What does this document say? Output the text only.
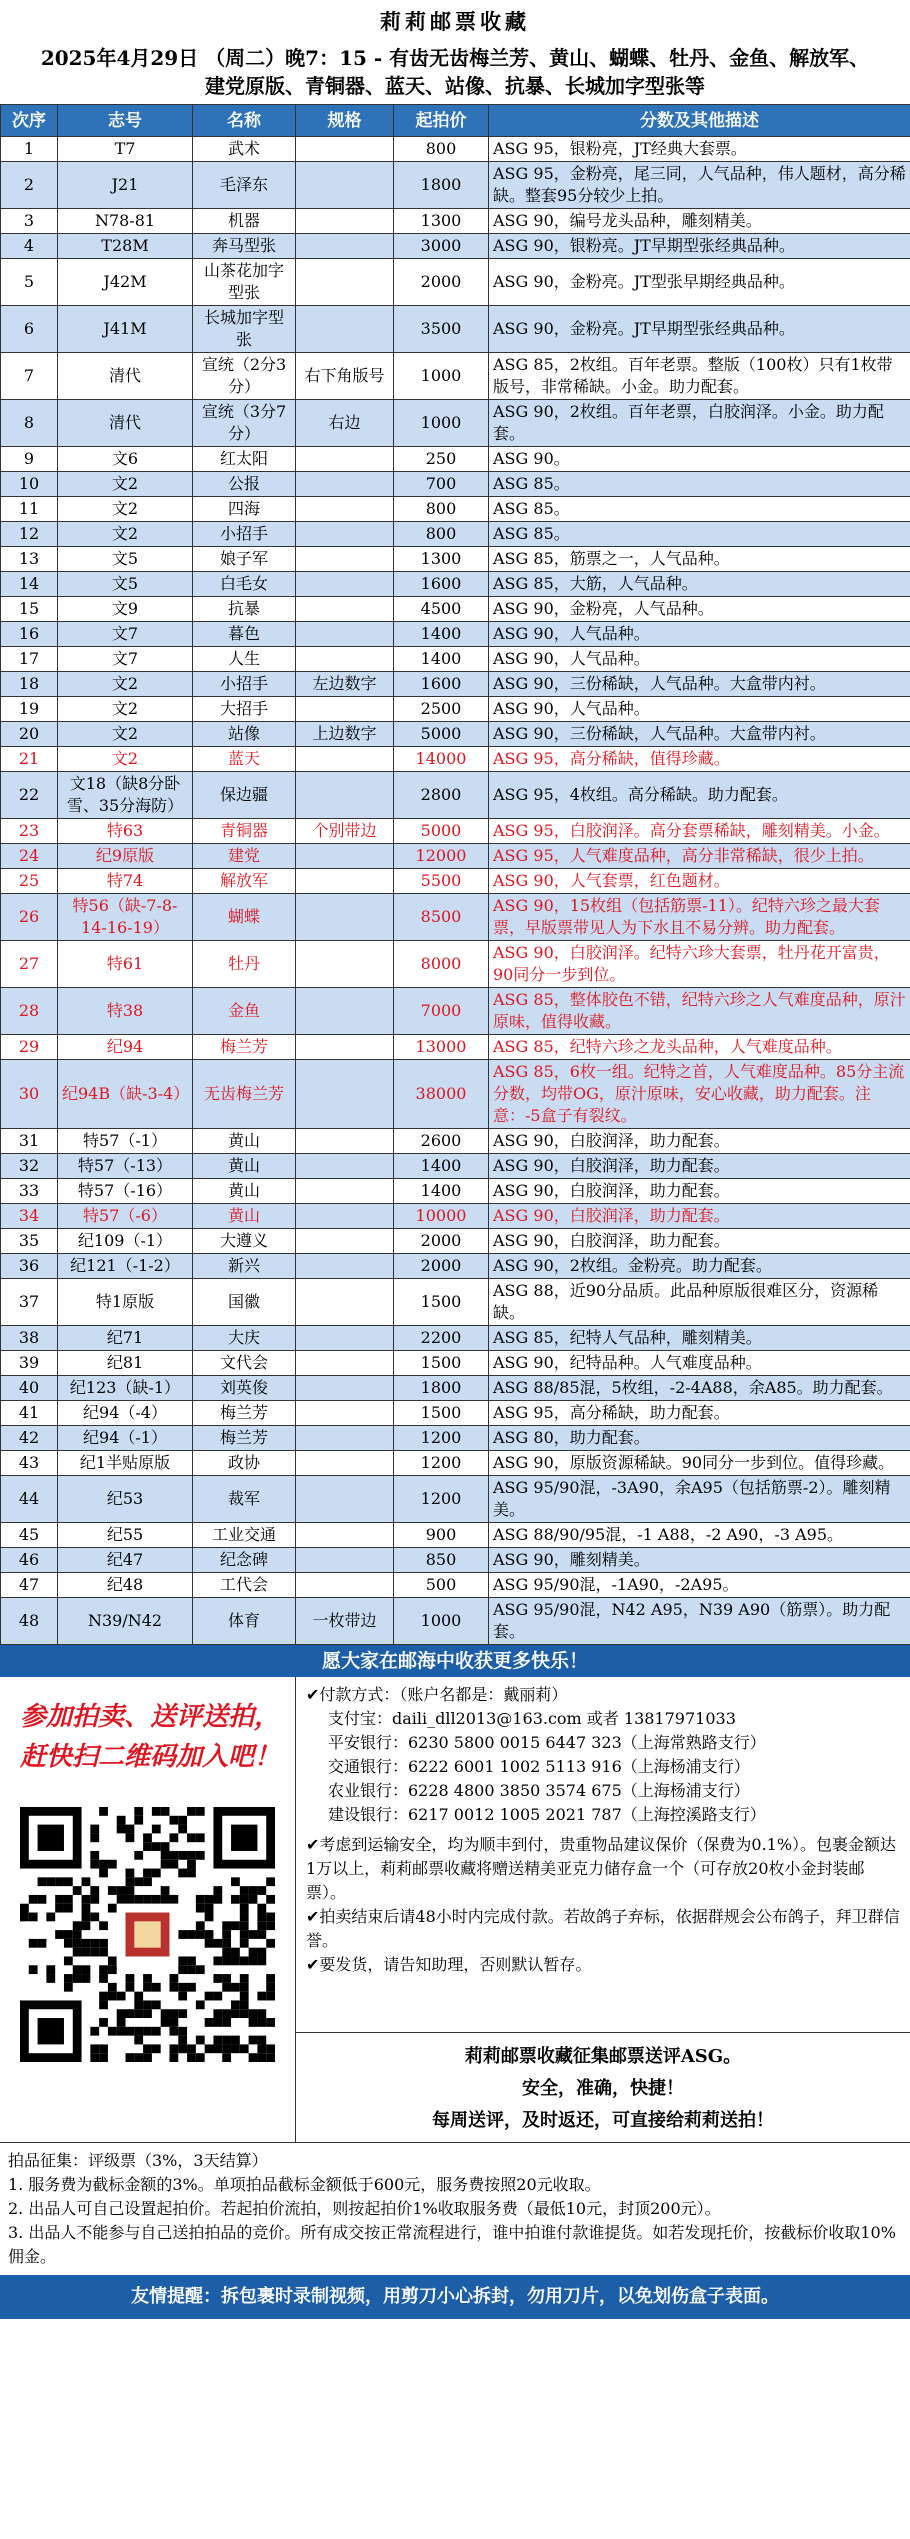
莉莉邮票收藏
2025年4月29日 （周二）晚7：15 - 有齿无齿梅兰芳、黄山、蝴蝶、牡丹、金鱼、解放军、
建党原版、青铜器、蓝天、站像、抗暴、长城加字型张等
次序	志号	名称	规格	起拍价	分数及其他描述
1	T7	武术		800	ASG 95，银粉亮，JT经典大套票。
2	J21	毛泽东		1800	ASG 95，金粉亮，尾三同，人气品种，伟人题材，高分稀缺。整套95分较少上拍。
3	N78-81	机器		1300	ASG 90，编号龙头品种，雕刻精美。
4	T28M	奔马型张		3000	ASG 90，银粉亮。JT早期型张经典品种。
5	J42M	山茶花加字型张		2000	ASG 90，金粉亮。JT型张早期经典品种。
6	J41M	长城加字型张		3500	ASG 90，金粉亮。JT早期型张经典品种。
7	清代	宣统（2分3分）	右下角版号	1000	ASG 85，2枚组。百年老票。整版（100枚）只有1枚带版号，非常稀缺。小金。助力配套。
8	清代	宣统（3分7分）	右边	1000	ASG 90，2枚组。百年老票，白胶润泽。小金。助力配套。
9	文6	红太阳		250	ASG 90。
10	文2	公报		700	ASG 85。
11	文2	四海		800	ASG 85。
12	文2	小招手		800	ASG 85。
13	文5	娘子军		1300	ASG 85，筋票之一，人气品种。
14	文5	白毛女		1600	ASG 85，大筋，人气品种。
15	文9	抗暴		4500	ASG 90，金粉亮，人气品种。
16	文7	暮色		1400	ASG 90，人气品种。
17	文7	人生		1400	ASG 90，人气品种。
18	文2	小招手	左边数字	1600	ASG 90，三份稀缺，人气品种。大盒带内衬。
19	文2	大招手		2500	ASG 90，人气品种。
20	文2	站像	上边数字	5000	ASG 90，三份稀缺，人气品种。大盒带内衬。
21	文2	蓝天		14000	ASG 95，高分稀缺，值得珍藏。
22	文18（缺8分卧雪、35分海防）	保边疆		2800	ASG 95，4枚组。高分稀缺。助力配套。
23	特63	青铜器	个别带边	5000	ASG 95，白胶润泽。高分套票稀缺，雕刻精美。小金。
24	纪9原版	建党		12000	ASG 95，人气难度品种，高分非常稀缺，很少上拍。
25	特74	解放军		5500	ASG 90，人气套票，红色题材。
26	特56（缺-7-8-14-16-19）	蝴蝶		8500	ASG 90，15枚组（包括筋票-11）。纪特六珍之最大套票，早版票带见人为下水且不易分辨。助力配套。
27	特61	牡丹		8000	ASG 90，白胶润泽。纪特六珍大套票，牡丹花开富贵，90同分一步到位。
28	特38	金鱼		7000	ASG 85，整体胶色不错，纪特六珍之人气难度品种，原汁原味，值得收藏。
29	纪94	梅兰芳		13000	ASG 85，纪特六珍之龙头品种，人气难度品种。
30	纪94B（缺-3-4）	无齿梅兰芳		38000	ASG 85，6枚一组。纪特之首，人气难度品种。85分主流分数，均带OG，原汁原味，安心收藏，助力配套。注意：-5盒子有裂纹。
31	特57（-1）	黄山		2600	ASG 90，白胶润泽，助力配套。
32	特57（-13）	黄山		1400	ASG 90，白胶润泽，助力配套。
33	特57（-16）	黄山		1400	ASG 90，白胶润泽，助力配套。
34	特57（-6）	黄山		10000	ASG 90，白胶润泽，助力配套。
35	纪109（-1）	大遵义		2000	ASG 90，白胶润泽，助力配套。
36	纪121（-1-2）	新兴		2000	ASG 90，2枚组。金粉亮。助力配套。
37	特1原版	国徽		1500	ASG 88，近90分品质。此品种原版很难区分，资源稀缺。
38	纪71	大庆		2200	ASG 85，纪特人气品种，雕刻精美。
39	纪81	文代会		1500	ASG 90，纪特品种。人气难度品种。
40	纪123（缺-1）	刘英俊		1800	ASG 88/85混，5枚组，-2-4A88，余A85。助力配套。
41	纪94（-4）	梅兰芳		1500	ASG 95，高分稀缺，助力配套。
42	纪94（-1）	梅兰芳		1200	ASG 80，助力配套。
43	纪1半贴原版	政协		1200	ASG 90，原版资源稀缺。90同分一步到位。值得珍藏。
44	纪53	裁军		1200	ASG 95/90混，-3A90，余A95（包括筋票-2）。雕刻精美。
45	纪55	工业交通		900	ASG 88/90/95混，-1 A88，-2 A90，-3 A95。
46	纪47	纪念碑		850	ASG 90，雕刻精美。
47	纪48	工代会		500	ASG 95/90混，-1A90，-2A95。
48	N39/N42	体育	一枚带边	1000	ASG 95/90混，N42 A95，N39 A90（筋票）。助力配套。
愿大家在邮海中收获更多快乐！
参加拍卖、送评送拍，
赶快扫二维码加入吧！
✔付款方式：（账户名都是：戴丽莉）
支付宝：daili_dll2013@163.com 或者 13817971033
平安银行：6230 5800 0015 6447 323（上海常熟路支行）
交通银行：6222 6001 1002 5113 916（上海杨浦支行）
农业银行：6228 4800 3850 3574 675（上海杨浦支行）
建设银行：6217 0012 1005 2021 787（上海控溪路支行）
✔考虑到运输安全，均为顺丰到付，贵重物品建议保价（保费为0.1%）。包裹金额达1万以上，莉莉邮票收藏将赠送精美亚克力储存盒一个（可存放20枚小金封装邮票）。
✔拍卖结束后请48小时内完成付款。若故鸽子弃标，依据群规会公布鸽子，拜卫群信誉。
✔要发货，请告知助理，否则默认暂存。
莉莉邮票收藏征集邮票送评ASG。
安全，准确，快捷！
每周送评，及时返还，可直接给莉莉送拍！
拍品征集：评级票（3%，3天结算）
1. 服务费为截标金额的3%。单项拍品截标金额低于600元，服务费按照20元收取。
2. 出品人可自己设置起拍价。若起拍价流拍，则按起拍价1%收取服务费（最低10元，封顶200元）。
3. 出品人不能参与自己送拍拍品的竞价。所有成交按正常流程进行，谁中拍谁付款谁提货。如若发现托价，按截标价收取10%佣金。
友情提醒：拆包裹时录制视频，用剪刀小心拆封，勿用刀片，以免划伤盒子表面。
